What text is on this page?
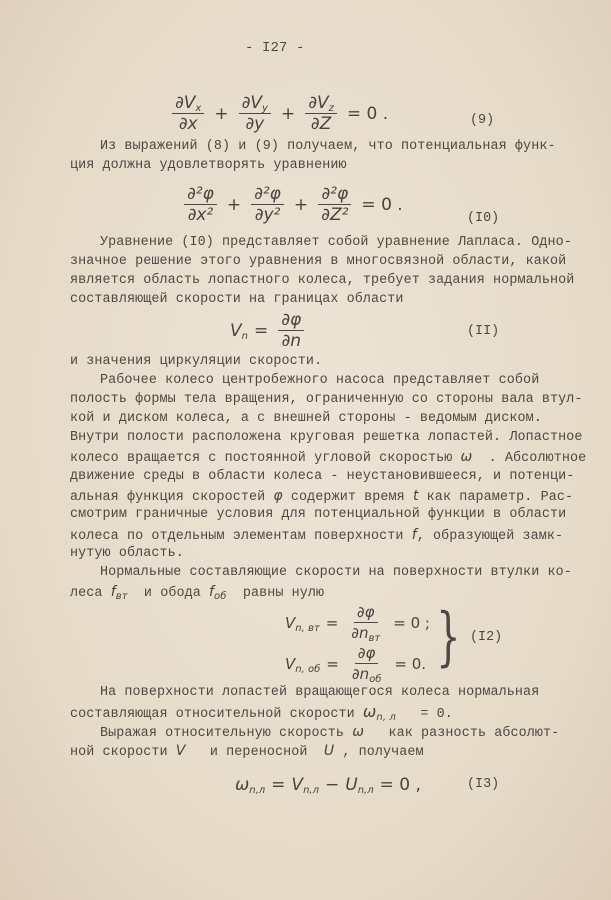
- I27 -
$\frac{\partial V_x}{\partial x} + \frac{\partial V_y}{\partial y} + \frac{\partial V_z}{\partial Z} = 0$ .	(9)
Из выражений (8) и (9) получаем, что потенциальная функ-
ция должна удовлетворять уравнению
$\frac{\text{∂²φ}}{\text{∂x²}} + \frac{\text{∂²φ}}{\text{∂y²}} + \frac{\text{∂²φ}}{\text{∂Z²}} = 0$ .
(I0)
Уравнение (I0) представляет собой уравнение Лапласа. Одно-
значное решение этого уравнения в многосвязной области, какой
является область лопастного колеса, требует задания нормальной
составляющей скорости на границах области
$V_n = \frac{\partial\varphi}{\partial n}$	(II)
и значения циркуляции скорости.
Рабочее колесо центробежного насоса представляет собой
полость формы тела вращения, ограниченную со стороны вала втул-
кой и диском колеса, а с внешней стороны - ведомым диском.
Внутри полости расположена круговая решетка лопастей. Лопастное
колесо вращается с постоянной угловой скоростью ω  . Абсолютное
движение среды в области колеса - неустановившееся, и потенци-
альная функция скоростей φ содержит время t как параметр. Рас-
смотрим граничные условия для потенциальной функции в области
колеса по отдельным элементам поверхности f, образующей замк-
нутую область.
Нормальные составляющие скорости на поверхности втулки ко-
леса $f_{вт}$ и обода $f_{об}$ равны нулю
$V_{n, вт} = \frac{\partial\varphi}{\partial n_{вт}} = 0$ ;
$V_{n, об} = \frac{\partial\varphi}{\partial n_{об}} = 0$. } (I2)
На поверхности лопастей вращающегося колеса нормальная
составляющая относительной скорости $\omega_{n, л} = 0$.
Выражая относительную скорость ω как разность абсолют-
ной скорости V и переносной U , получаем
$\omega_{n,л} = V_{n,л} - U_{n,л} = 0$ ,	(I3)
